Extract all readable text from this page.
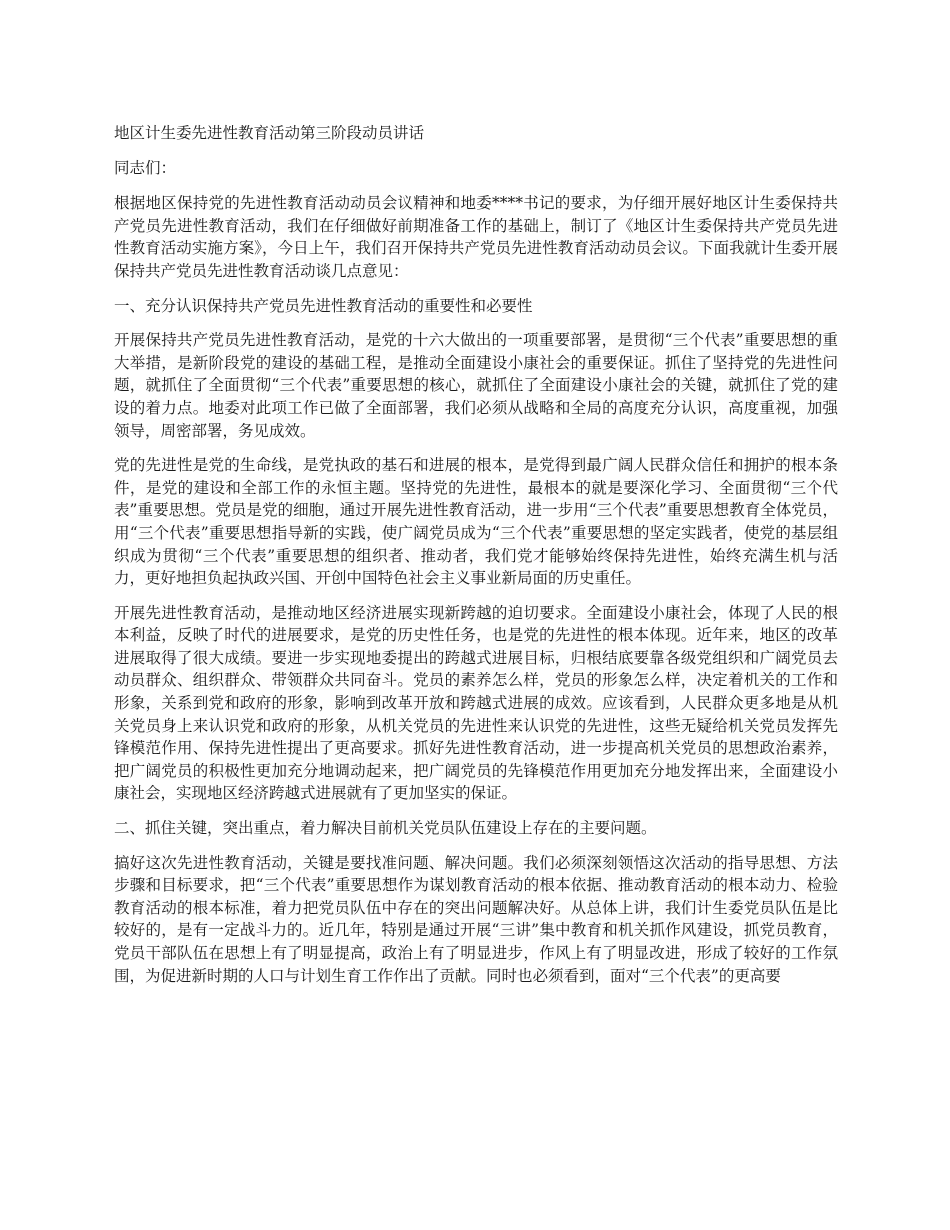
地区计生委先进性教育活动第三阶段动员讲话

同志们：

根据地区保持党的先进性教育活动动员会议精神和地委****书记的要求，为仔细开展好地区计生委保持共产党员先进性教育活动，我们在仔细做好前期准备工作的基础上，制订了《地区计生委保持共产党员先进性教育活动实施方案》，今日上午，我们召开保持共产党员先进性教育活动动员会议。下面我就计生委开展保持共产党员先进性教育活动谈几点意见：

一、充分认识保持共产党员先进性教育活动的重要性和必要性

开展保持共产党员先进性教育活动，是党的十六大做出的一项重要部署，是贯彻“三个代表”重要思想的重大举措，是新阶段党的建设的基础工程，是推动全面建设小康社会的重要保证。抓住了坚持党的先进性问题，就抓住了全面贯彻“三个代表”重要思想的核心，就抓住了全面建设小康社会的关键，就抓住了党的建设的着力点。地委对此项工作已做了全面部署，我们必须从战略和全局的高度充分认识，高度重视，加强领导，周密部署，务见成效。

党的先进性是党的生命线，是党执政的基石和进展的根本，是党得到最广阔人民群众信任和拥护的根本条件，是党的建设和全部工作的永恒主题。坚持党的先进性，最根本的就是要深化学习、全面贯彻“三个代表”重要思想。党员是党的细胞，通过开展先进性教育活动，进一步用“三个代表”重要思想教育全体党员，用“三个代表”重要思想指导新的实践，使广阔党员成为“三个代表”重要思想的坚定实践者，使党的基层组织成为贯彻“三个代表”重要思想的组织者、推动者，我们党才能够始终保持先进性，始终充满生机与活力，更好地担负起执政兴国、开创中国特色社会主义事业新局面的历史重任。

开展先进性教育活动，是推动地区经济进展实现新跨越的迫切要求。全面建设小康社会，体现了人民的根本利益，反映了时代的进展要求，是党的历史性任务，也是党的先进性的根本体现。近年来，地区的改革进展取得了很大成绩。要进一步实现地委提出的跨越式进展目标，归根结底要靠各级党组织和广阔党员去动员群众、组织群众、带领群众共同奋斗。党员的素养怎么样，党员的形象怎么样，决定着机关的工作和形象，关系到党和政府的形象，影响到改革开放和跨越式进展的成效。应该看到，人民群众更多地是从机关党员身上来认识党和政府的形象，从机关党员的先进性来认识党的先进性，这些无疑给机关党员发挥先锋模范作用、保持先进性提出了更高要求。抓好先进性教育活动，进一步提高机关党员的思想政治素养，把广阔党员的积极性更加充分地调动起来，把广阔党员的先锋模范作用更加充分地发挥出来，全面建设小康社会，实现地区经济跨越式进展就有了更加坚实的保证。

二、抓住关键，突出重点，着力解决目前机关党员队伍建设上存在的主要问题。

搞好这次先进性教育活动，关键是要找准问题、解决问题。我们必须深刻领悟这次活动的指导思想、方法步骤和目标要求，把“三个代表”重要思想作为谋划教育活动的根本依据、推动教育活动的根本动力、检验教育活动的根本标准，着力把党员队伍中存在的突出问题解决好。从总体上讲，我们计生委党员队伍是比较好的，是有一定战斗力的。近几年，特别是通过开展“三讲”集中教育和机关抓作风建设，抓党员教育，党员干部队伍在思想上有了明显提高，政治上有了明显进步，作风上有了明显改进，形成了较好的工作氛围，为促进新时期的人口与计划生育工作作出了贡献。同时也必须看到，面对“三个代表”的更高要
